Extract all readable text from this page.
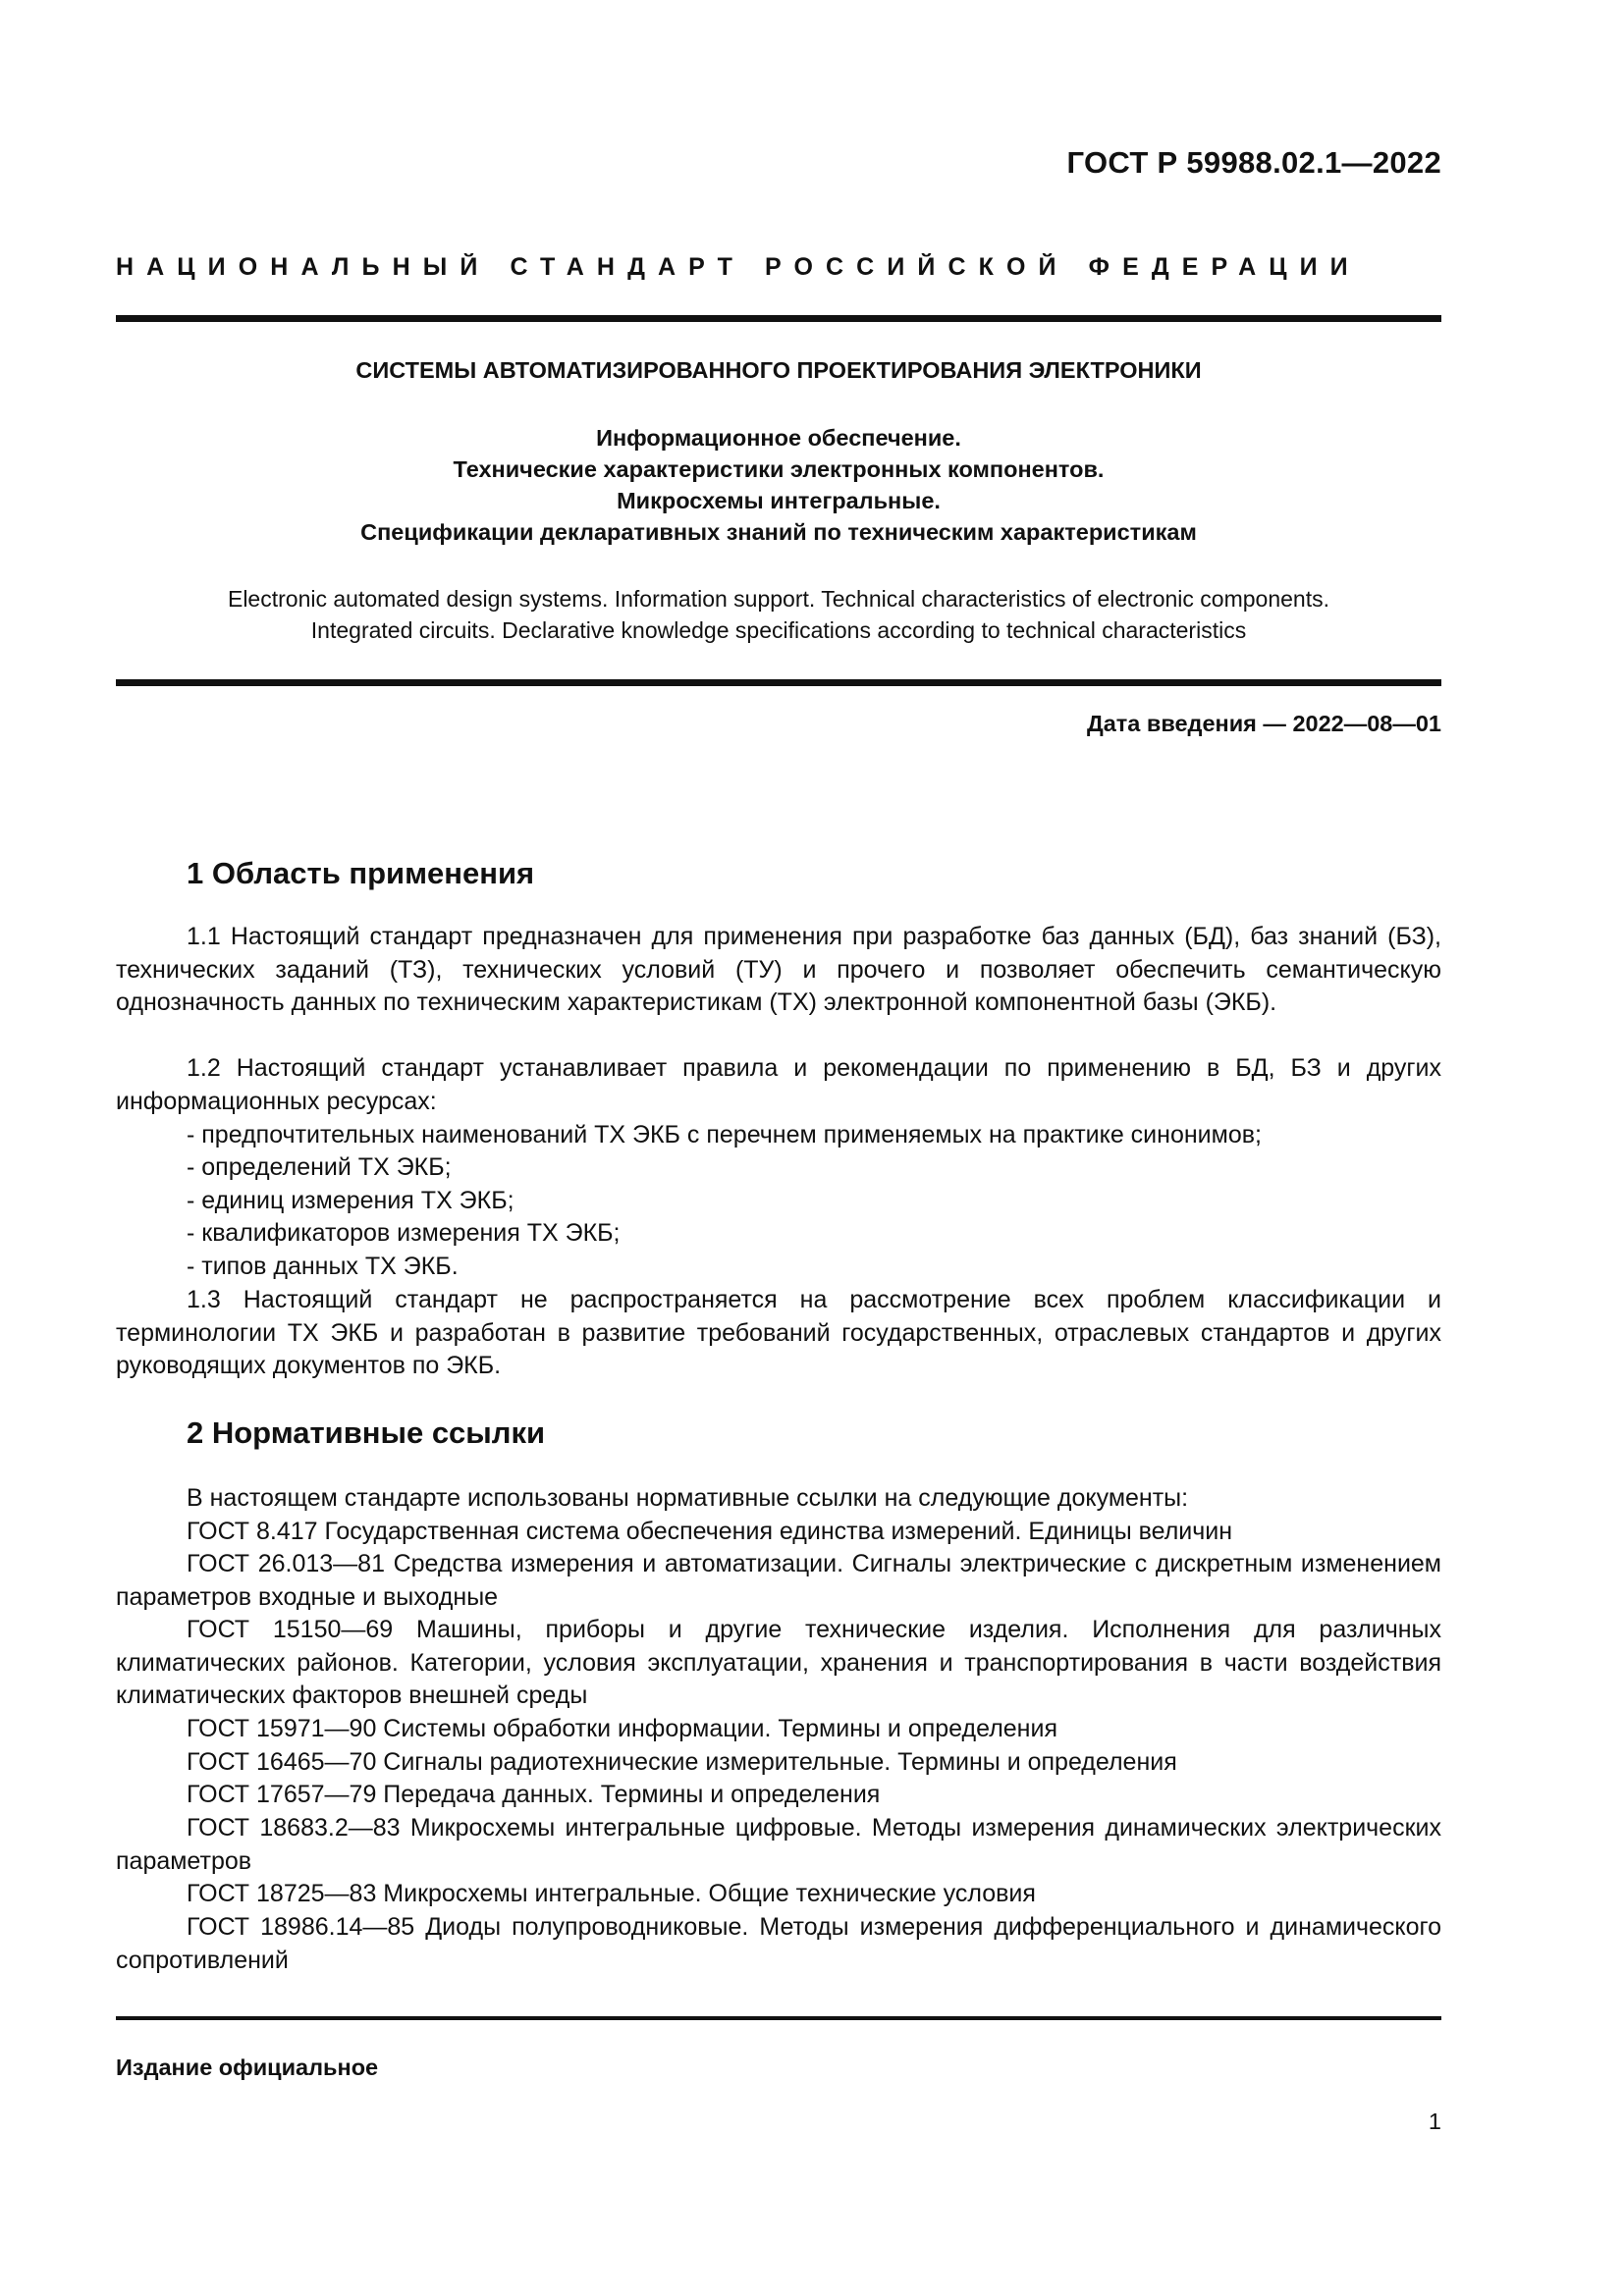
ГОСТ Р 59988.02.1—2022
НАЦИОНАЛЬНЫЙ СТАНДАРТ РОССИЙСКОЙ ФЕДЕРАЦИИ
СИСТЕМЫ АВТОМАТИЗИРОВАННОГО ПРОЕКТИРОВАНИЯ ЭЛЕКТРОНИКИ
Информационное обеспечение.
Технические характеристики электронных компонентов.
Микросхемы интегральные.
Спецификации декларативных знаний по техническим характеристикам
Electronic automated design systems. Information support. Technical characteristics of electronic components.
Integrated circuits. Declarative knowledge specifications according to technical characteristics
Дата введения — 2022—08—01
1 Область применения

1.1 Настоящий стандарт предназначен для применения при разработке баз данных (БД), баз знаний (БЗ), технических заданий (ТЗ), технических условий (ТУ) и прочего и позволяет обеспечить семантическую однозначность данных по техническим характеристикам (ТХ) электронной компонентной базы (ЭКБ).

1.2 Настоящий стандарт устанавливает правила и рекомендации по применению в БД, БЗ и других информационных ресурсах:

- предпочтительных наименований ТХ ЭКБ с перечнем применяемых на практике синонимов;

- определений ТХ ЭКБ;

- единиц измерения ТХ ЭКБ;

- квалификаторов измерения ТХ ЭКБ;

- типов данных ТХ ЭКБ.

1.3 Настоящий стандарт не распространяется на рассмотрение всех проблем классификации и терминологии ТХ ЭКБ и разработан в развитие требований государственных, отраслевых стандартов и других руководящих документов по ЭКБ.

2 Нормативные ссылки

В настоящем стандарте использованы нормативные ссылки на следующие документы:

ГОСТ 8.417 Государственная система обеспечения единства измерений. Единицы величин

ГОСТ 26.013—81 Средства измерения и автоматизации. Сигналы электрические с дискретным изменением параметров входные и выходные

ГОСТ 15150—69 Машины, приборы и другие технические изделия. Исполнения для различных климатических районов. Категории, условия эксплуатации, хранения и транспортирования в части воздействия климатических факторов внешней среды

ГОСТ 15971—90 Системы обработки информации. Термины и определения

ГОСТ 16465—70 Сигналы радиотехнические измерительные. Термины и определения

ГОСТ 17657—79 Передача данных. Термины и определения

ГОСТ 18683.2—83 Микросхемы интегральные цифровые. Методы измерения динамических электрических параметров

ГОСТ 18725—83 Микросхемы интегральные. Общие технические условия

ГОСТ 18986.14—85 Диоды полупроводниковые. Методы измерения дифференциального и динамического сопротивлений

Издание официальное
1
